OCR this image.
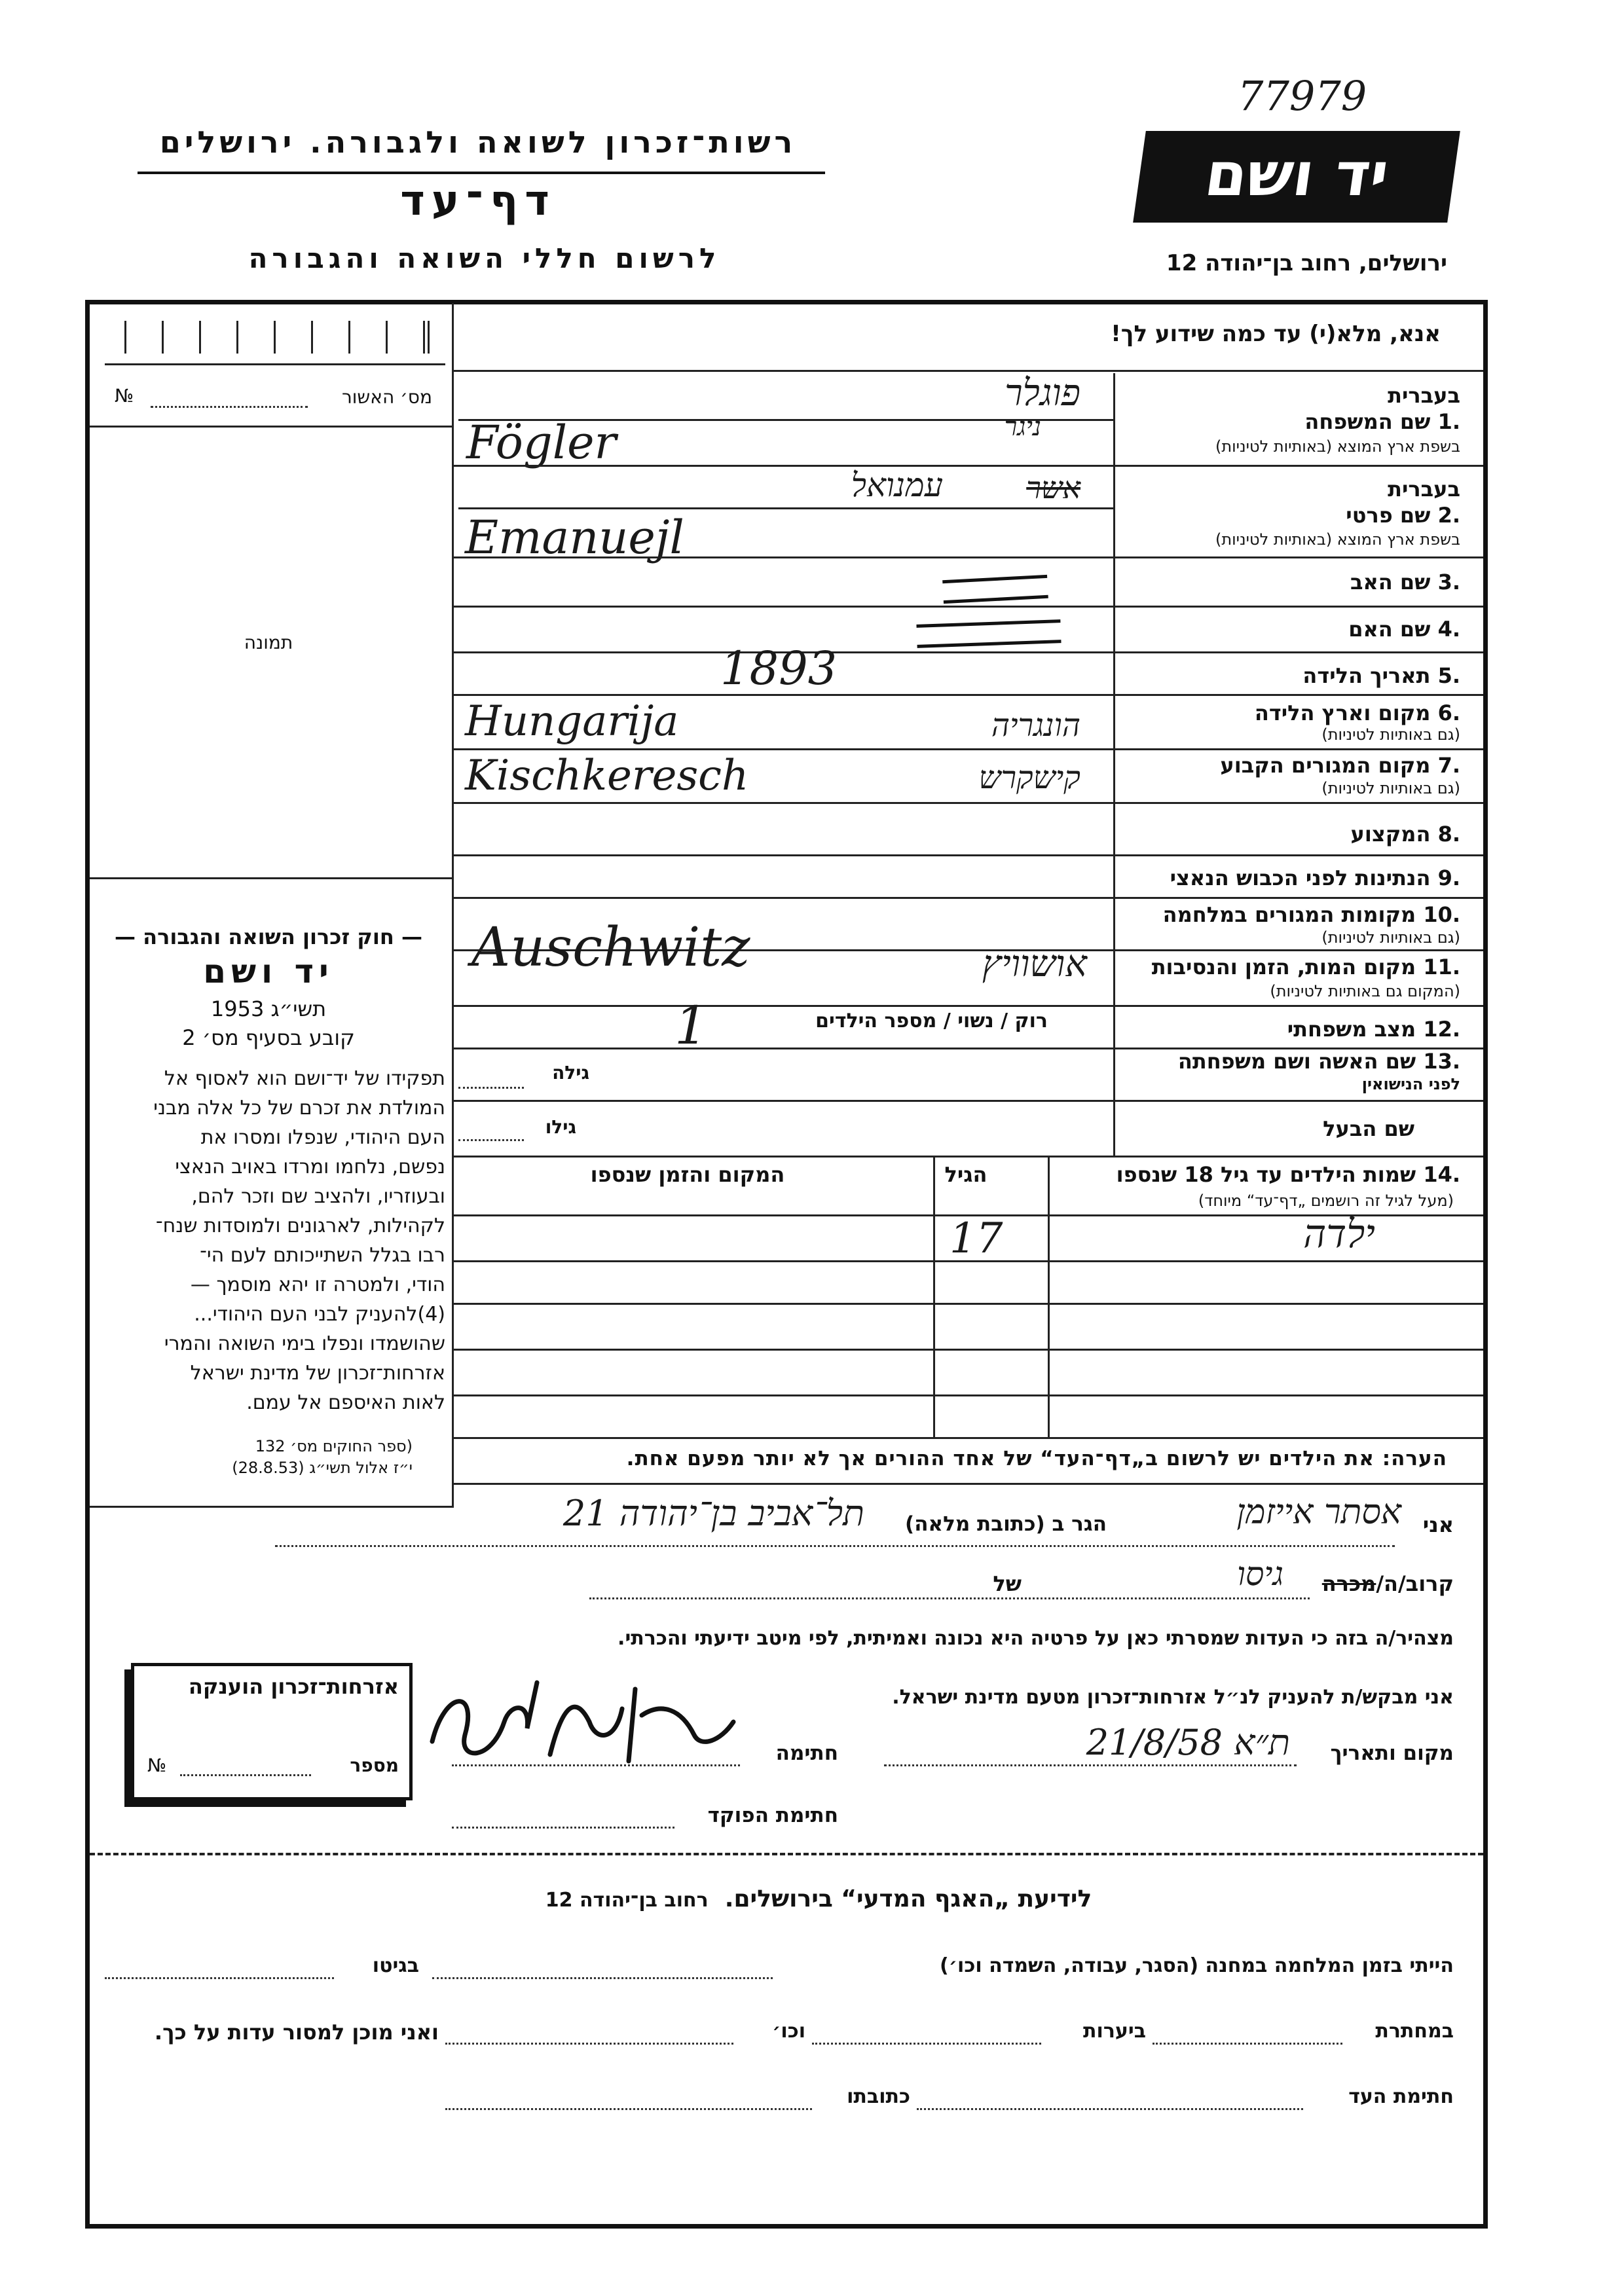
רשות־זכרון לשואה ולגבורה. ירושלים
דף־עד
לרשום חללי השואה והגבורה
יד ושם
77979
ירושלים, רחוב בן־יהודה 12
מס׳ האשור
№
תמונה
— חוק זכרון השואה והגבורה —
יד ושם
תשי״ג 1953
קובע בסעיף מס׳ 2
תפקידו של יד־ושם הוא לאסוף אל
המולדת את זכרם של כל אלה מבני
העם היהודי, שנפלו ומסרו את
נפשם, נלחמו ומרדו באויב הנאצי
ובעוזריו, ולהציב שם וזכר להם,
לקהילות, לארגונים ולמוסדות שנח־
רבו בגלל השתייכותם לעם הי־
הודי, ולמטרה זו יהא מוסמך —
(4)להעניק לבני העם היהודי...
שהושמדו ונפלו בימי השואה והמרי
אזרחות־זכרון של מדינת ישראל
לאות האיספם אל עמם.
(ספר החוקים מס׳ 132
י״ז אלול תשי״ג (28.8.53)
אנא, מלא(י) עד כמה שידוע לך!
בעברית
.1 שם המשפחה
בשפת ארץ המוצא (באותיות לטיניות)
פוגלר
ניגר
Fögler
בעברית
.2 שם פרטי
בשפת ארץ המוצא (באותיות לטיניות)
אשר
עמנואל
Emanuejl
.3 שם האב
.4 שם האם
.5 תאריך הלידה
1893
.6 מקום וארץ הלידה
(גם באותיות לטיניות)
Hungarija	הונגריה
.7 מקום המגורים הקבוע
(גם באותיות לטיניות)
Kischkeresch	קישקרש
.8 המקצוע
.9 הנתינות לפני הכבוש הנאצי
.10 מקומות המגורים במלחמה
(גם באותיות לטיניות)
.11 מקום המות, הזמן והנסיבות
(המקום גם באותיות לטיניות)
Auschwitz	אושוויץ
.12 מצב משפחתי
רוק / נשוי / מספר הילדים
1
.13 שם האשה ושם משפחתה
לפני הנישואין
גילה
שם הבעל
גילו
.14 שמות הילדים עד גיל 18 שנספו
(מעל לגיל זה רושמים „דף־עד“ מיוחד)
הגיל
המקום והזמן שנספו
ילדה
17
הערה: את הילדים יש לרשום ב„דף־העד“ של אחד ההורים אך לא יותר מפעם אחת.
אני
אסתר אייזמן
הגר ב (כתובת מלאה)
תל־אביב בן־יהודה 21
קרוב/ה/מכרה
גיסו
של
מצהיר/ה בזה כי העדות שמסרתי כאן על פרטיה היא נכונה ואמיתית, לפי מיטב ידיעתי והכרתי.
אני מבקש/ת להעניק לנ״ל אזרחות־זכרון מטעם מדינת ישראל.
מקום ותאריך
ת״א 21/8/58
חתימה
חתימת הפוקד
אזרחות־זכרון הוענקה
מספר
№
לידיעת „האגף המדעי“ בירושלים.  רחוב בן־יהודה 12
הייתי בזמן המלחמה במחנה (הסגר, עבודה, השמדה וכו׳)
בגיטו
במחתרת
ביערות
וכו׳
ואני מוכן למסור עדות על כך.
חתימת העד
כתובתו
